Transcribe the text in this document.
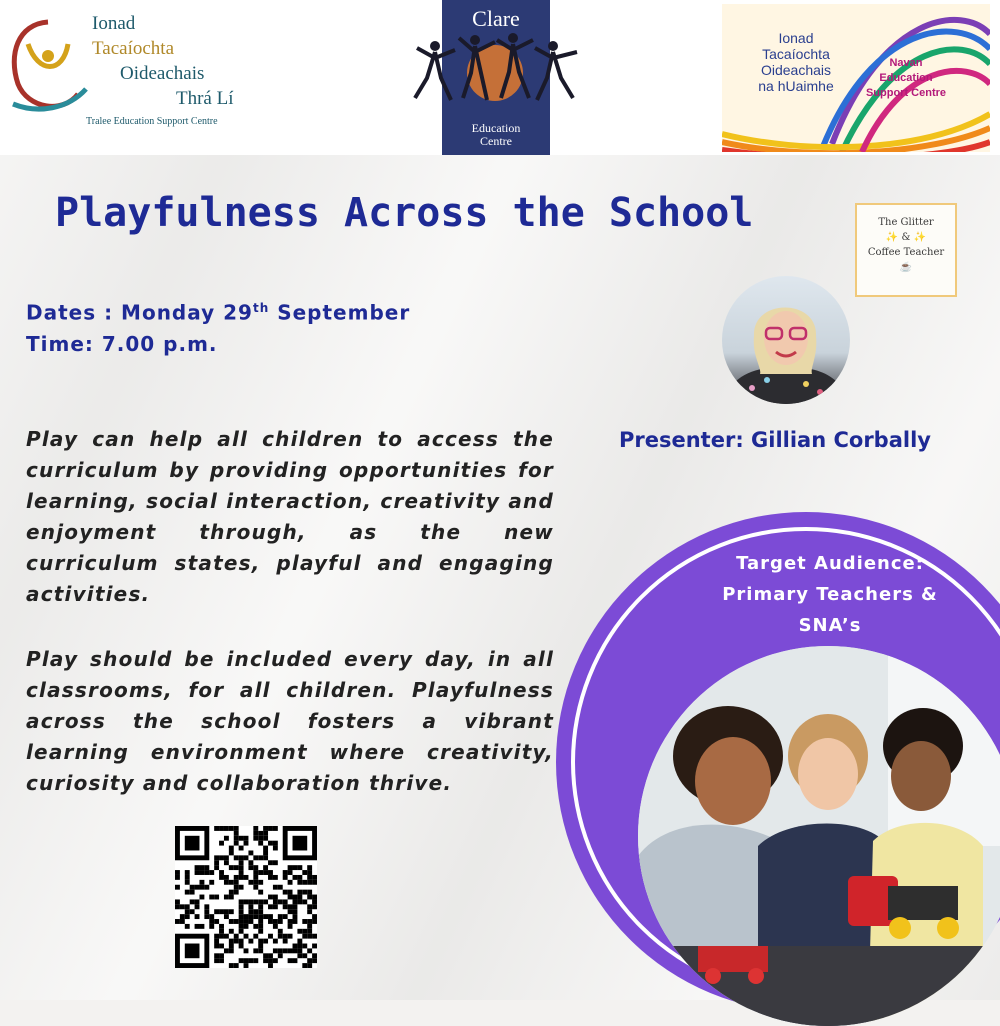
Ionad
Tacaíochta
Oideachais
Thrá Lí
Tralee Education Support Centre
Clare
Education
Centre
Ionad
Tacaíochta
Oideachais
na hUaimhe
Navan
Education
Support Centre
Playfulness Across the School	The Glitter
✨ & ✨
Coffee Teacher
☕
Dates : Monday 29th September
Time: 7.00 p.m.
Presenter: Gillian Corbally
Play can help all children to access the curriculum by providing opportunities for learning, social interaction, creativity and enjoyment through, as the new curriculum states, playful and engaging activities.
Play should be included every day, in all classrooms, for all children. Playfulness across the school fosters a vibrant learning environment where creativity, curiosity and collaboration thrive.
Target Audience:
Primary Teachers &
SNA’s
